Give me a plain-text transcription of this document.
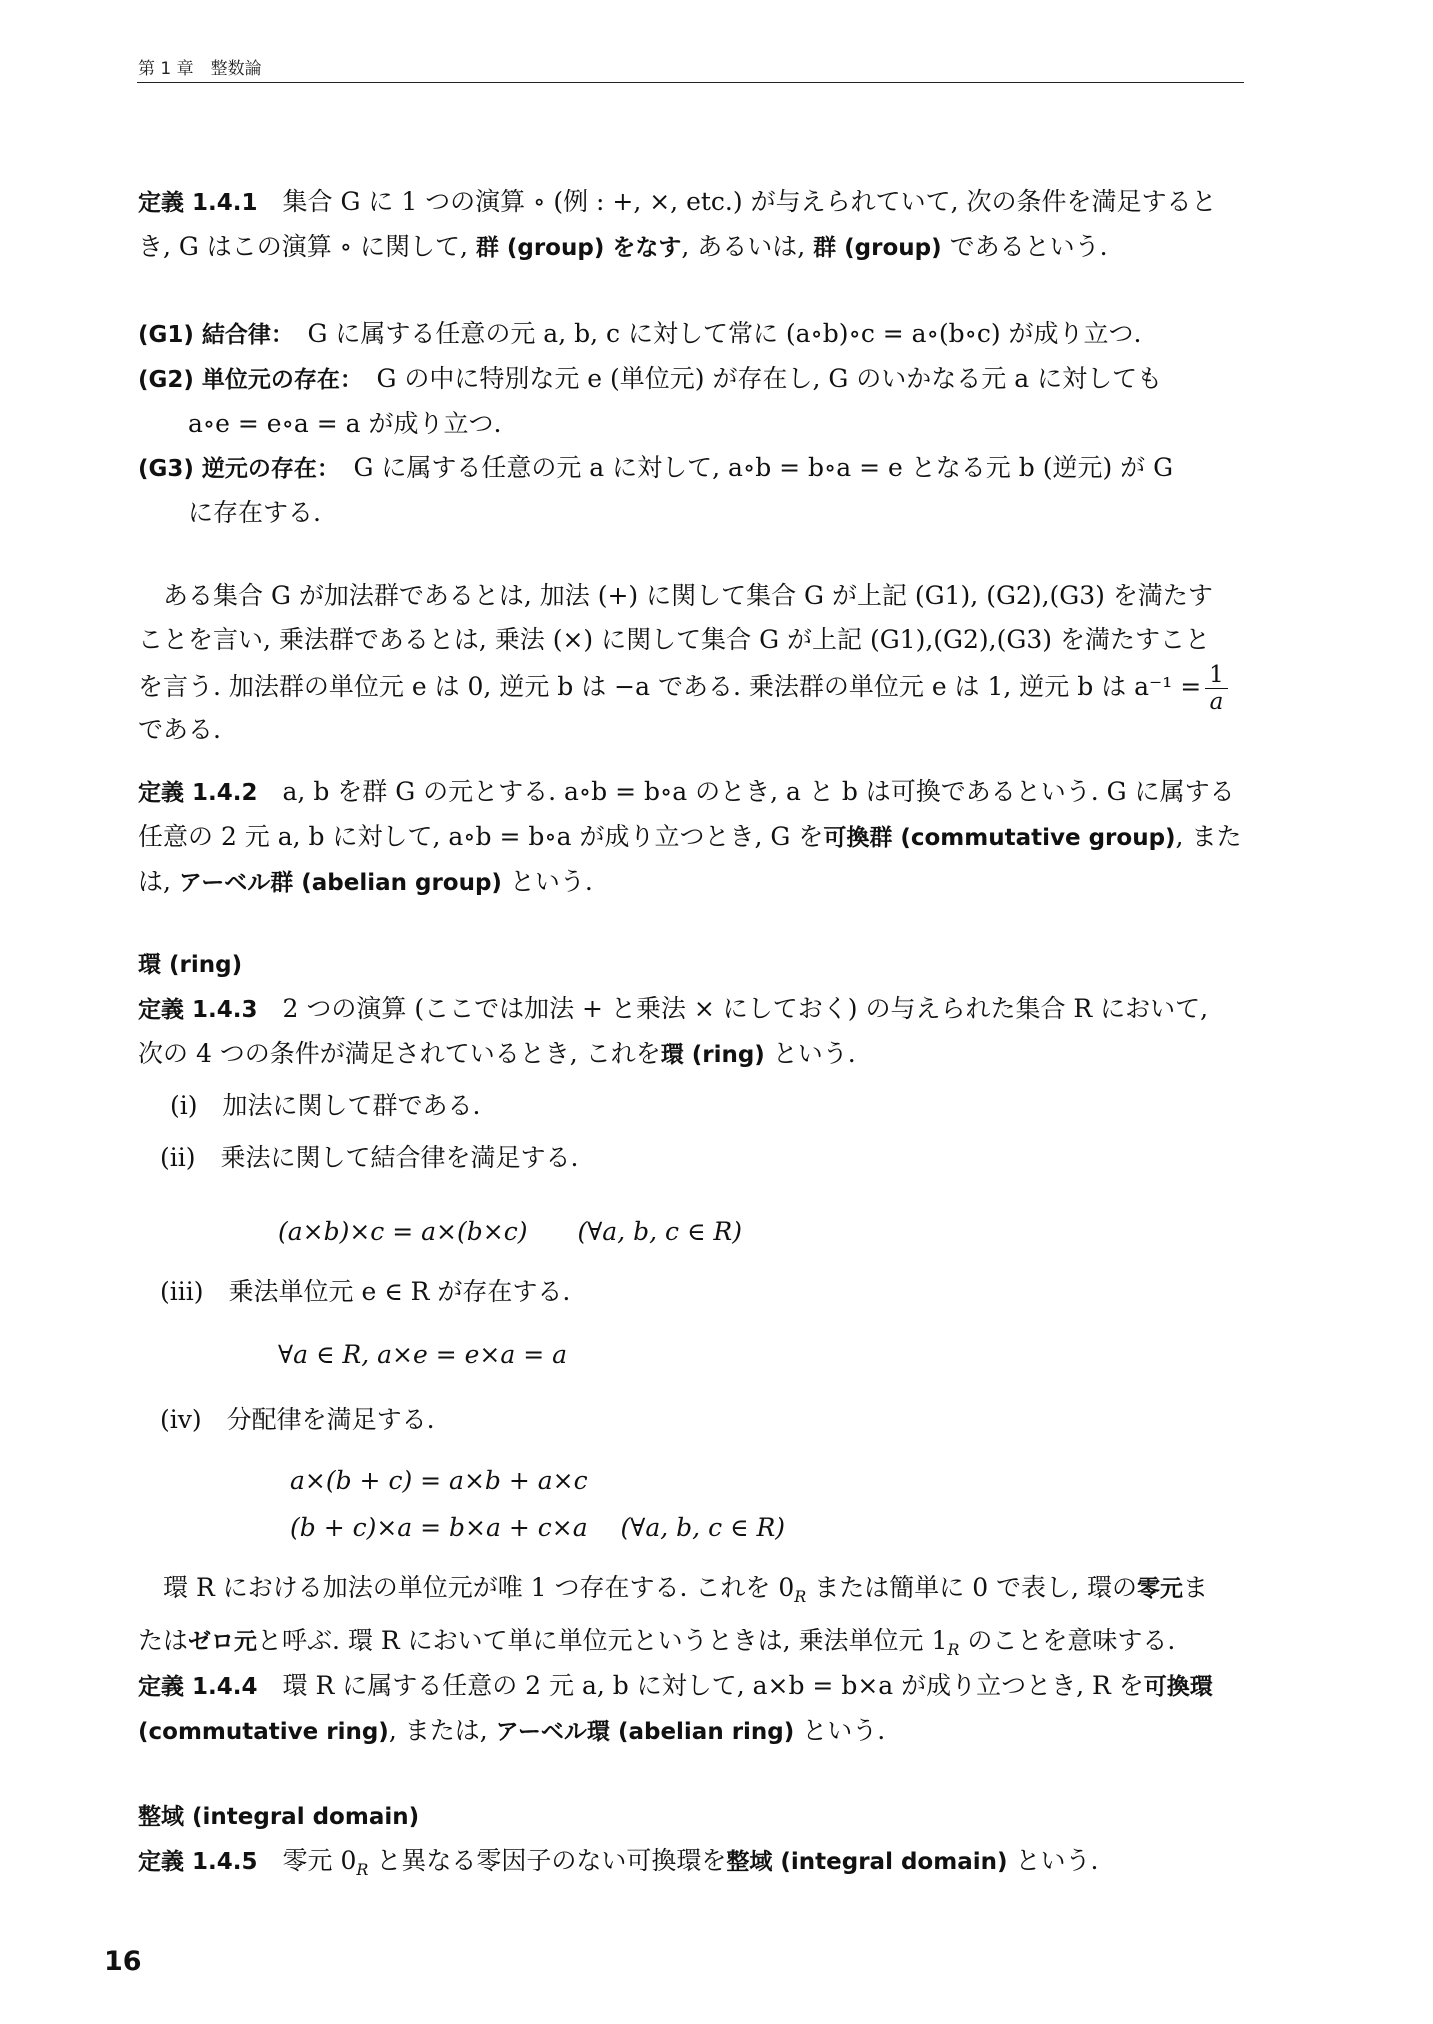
第 1 章　整数論
定義 1.4.1　 集合 G に 1 つの演算 ∘ (例 : +, ×, etc.) が与えられていて, 次の条件を満足すると
き, G はこの演算 ∘ に関して, 群 (group) をなす, あるいは, 群 (group) であるという.
(G1) 結合律：　 G に属する任意の元 a, b, c に対して常に (a∘b)∘c = a∘(b∘c) が成り立つ.
(G2) 単位元の存在：　 G の中に特別な元 e (単位元) が存在し, G のいかなる元 a に対しても
a∘e = e∘a = a が成り立つ.
(G3) 逆元の存在：　 G に属する任意の元 a に対して, a∘b = b∘a = e となる元 b (逆元) が G
に存在する.
ある集合 G が加法群であるとは, 加法 (+) に関して集合 G が上記 (G1), (G2),(G3) を満たす
ことを言い, 乗法群であるとは, 乗法 (×) に関して集合 G が上記 (G1),(G2),(G3) を満たすこと
を言う. 加法群の単位元 e は 0, 逆元 b は −a である. 乗法群の単位元 e は 1, 逆元 b は $a^{-1} = \frac{1}{a}$
である.
定義 1.4.2　 a, b を群 G の元とする. a∘b = b∘a のとき, a と b は可換であるという. G に属する
任意の 2 元 a, b に対して, a∘b = b∘a が成り立つとき, G を可換群 (commutative group), また
は, アーベル群 (abelian group) という.
環 (ring)
定義 1.4.3　 2 つの演算 (ここでは加法 + と乗法 × にしておく) の与えられた集合 R において,
次の 4 つの条件が満足されているとき, これを環 (ring) という.
(i)　 加法に関して群である.
(ii)　 乗法に関して結合律を満足する.
(a×b)×c = a×(b×c)　　(∀a, b, c ∈ R)
(iii)　 乗法単位元 e ∈ R が存在する.
∀a ∈ R, a×e = e×a = a
(iv)　 分配律を満足する.
a×(b + c) = a×b + a×c
(b + c)×a = b×a + c×a　 (∀a, b, c ∈ R)
環 R における加法の単位元が唯 1 つ存在する. これを $0_R$ または簡単に 0 で表し, 環の零元ま
たはゼロ元と呼ぶ. 環 R において単に単位元というときは, 乗法単位元 $1_R$ のことを意味する.
定義 1.4.4　 環 R に属する任意の 2 元 a, b に対して, a×b = b×a が成り立つとき, R を可換環
(commutative ring), または, アーベル環 (abelian ring) という.
整域 (integral domain)
定義 1.4.5　 零元 $0_R$ と異なる零因子のない可換環を整域 (integral domain) という.
16
